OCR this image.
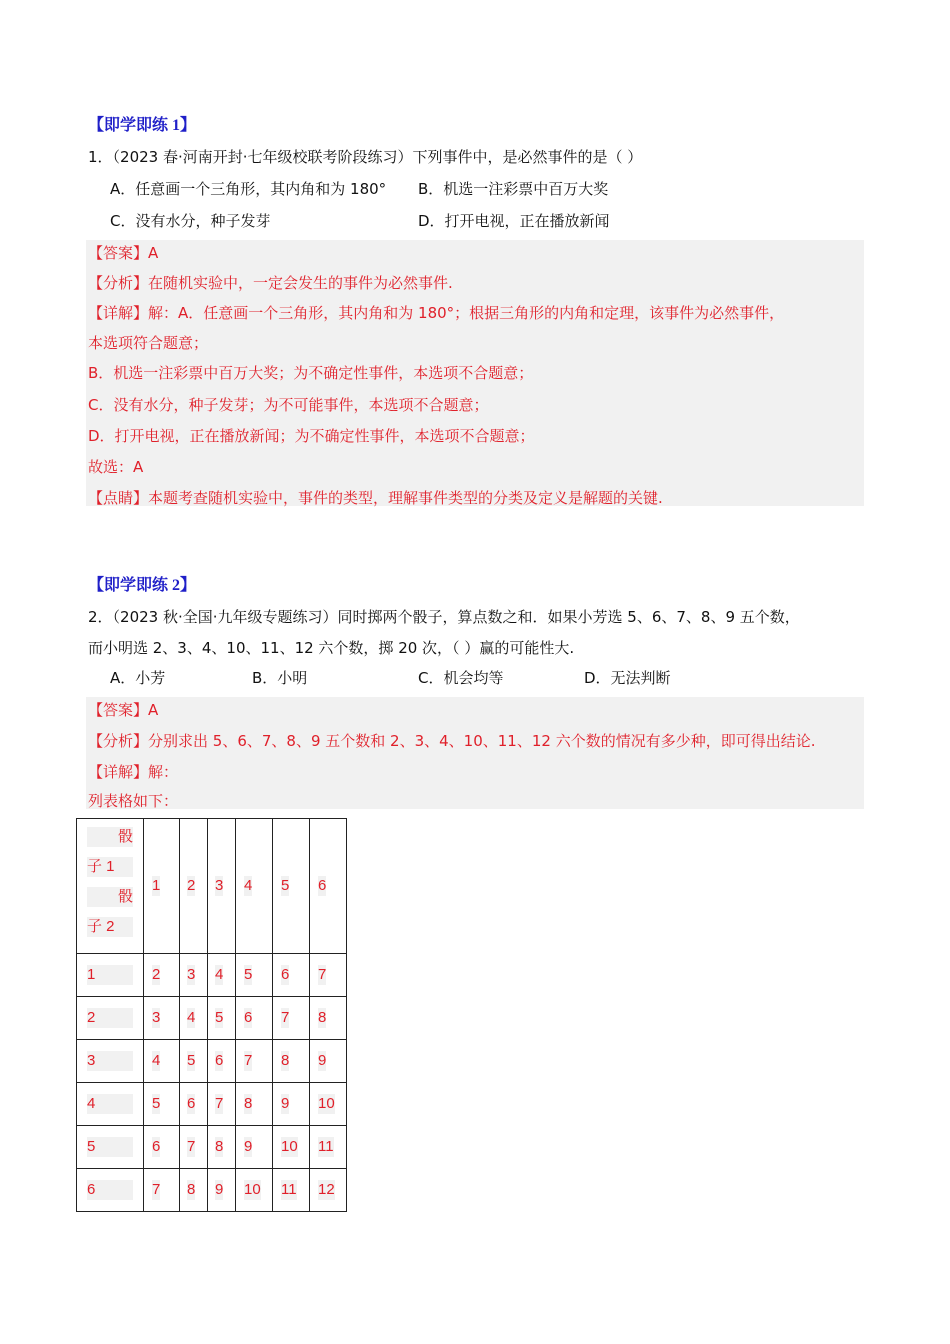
【即学即练 1】
1．（2023 春·河南开封·七年级校联考阶段练习）下列事件中，是必然事件的是（ ）
A．任意画一个三角形，其内角和为 180° B．机选一注彩票中百万大奖
C．没有水分，种子发芽	D．打开电视，正在播放新闻
【答案】A
【分析】在随机实验中，一定会发生的事件为必然事件.
【详解】解：A．任意画一个三角形，其内角和为 180°；根据三角形的内角和定理，该事件为必然事件，
本选项符合题意；
B．机选一注彩票中百万大奖；为不确定性事件，本选项不合题意；
C．没有水分，种子发芽；为不可能事件，本选项不合题意；
D．打开电视，正在播放新闻；为不确定性事件，本选项不合题意；
故选：A
【点睛】本题考查随机实验中，事件的类型，理解事件类型的分类及定义是解题的关键.
【即学即练 2】
2．（2023 秋·全国·九年级专题练习）同时掷两个骰子，算点数之和．如果小芳选 5、6、7、8、9 五个数，
而小明选 2、3、4、10、11、12 六个数，掷 20 次，（ ）赢的可能性大.
A．小芳	B．小明	C．机会均等	D．无法判断
【答案】A
【分析】分别求出 5、6、7、8、9 五个数和 2、3、4、10、11、12 六个数的情况有多少种，即可得出结论.
【详解】解：
列表格如下：
骰
子 1
骰
子 2	1	2	3	4	5	6
1	2	3	4	5	6	7
2	3	4	5	6	7	8
3	4	5	6	7	8	9
4	5	6	7	8	9	10
5	6	7	8	9	10	11
6	7	8	9	10	11	12
